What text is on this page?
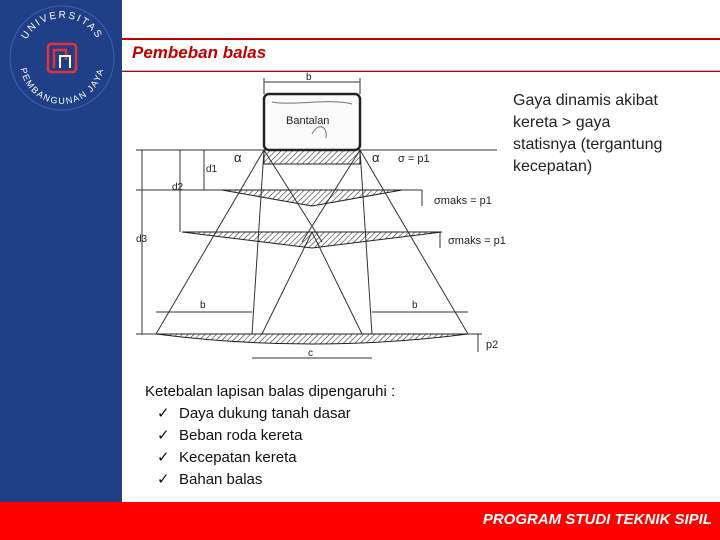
UNIVERSITAS
PEMBANGUNAN JAYA
Pembeban balas
Bantalan
b
α	α σ = p1
σmaks = p1
σmaks = p1
d1
d2
d3
b	b
c
p2
Gaya dinamis akibat
kereta > gaya
statisnya (tergantung
kecepatan)
Ketebalan lapisan balas dipengaruhi :
✓ Daya dukung tanah dasar
✓ Beban roda kereta
✓ Kecepatan kereta
✓ Bahan balas
PROGRAM STUDI TEKNIK SIPIL
